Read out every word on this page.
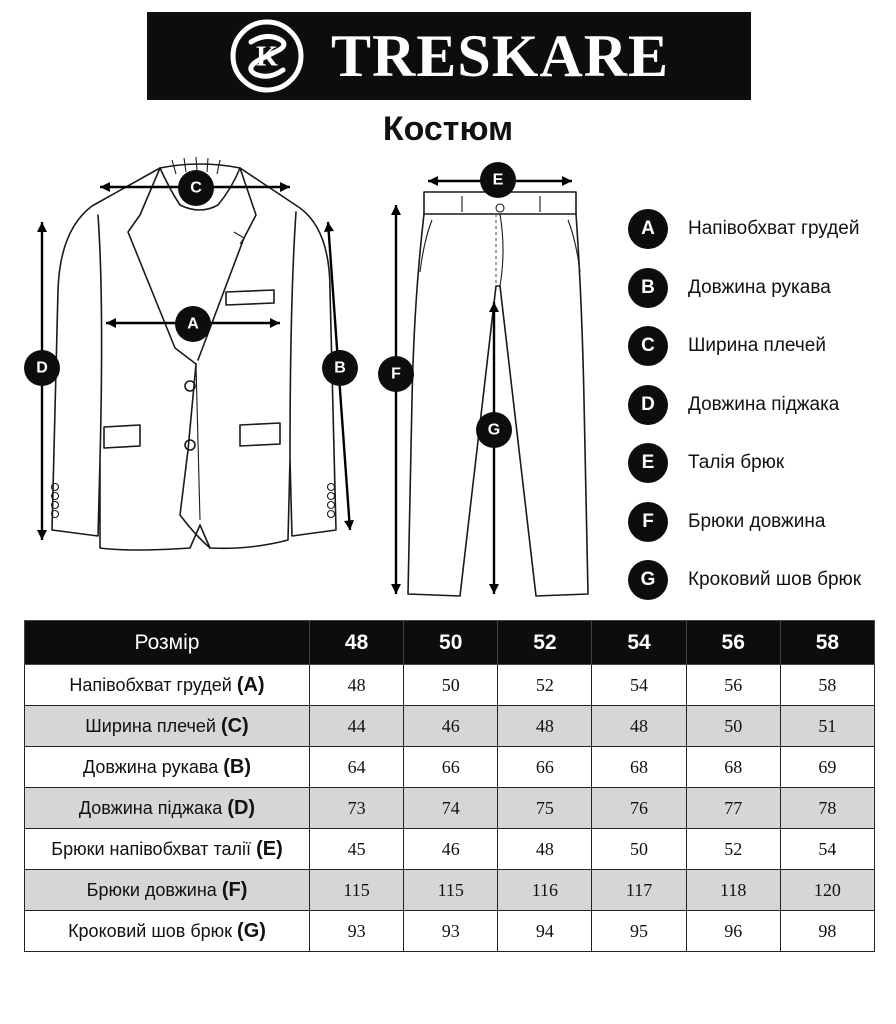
K TRESKARE
Костюм
C
A
D	B
E
F
G
A	Напівобхват грудей
B	Довжина рукава
C	Ширина плечей
D	Довжина піджака
E	Талія брюк
F	Брюки довжина
G	Кроковий шов брюк
Розмір	48	50	52	54	56	58
Напівобхват грудей (A)	48	50	52	54	56	58
Ширина плечей (C)	44	46	48	48	50	51
Довжина рукава (B)	64	66	66	68	68	69
Довжина піджака (D)	73	74	75	76	77	78
Брюки напівобхват талії (E)	45	46	48	50	52	54
Брюки довжина (F)	115	115	116	117	118	120
Кроковий шов брюк (G)	93	93	94	95	96	98
